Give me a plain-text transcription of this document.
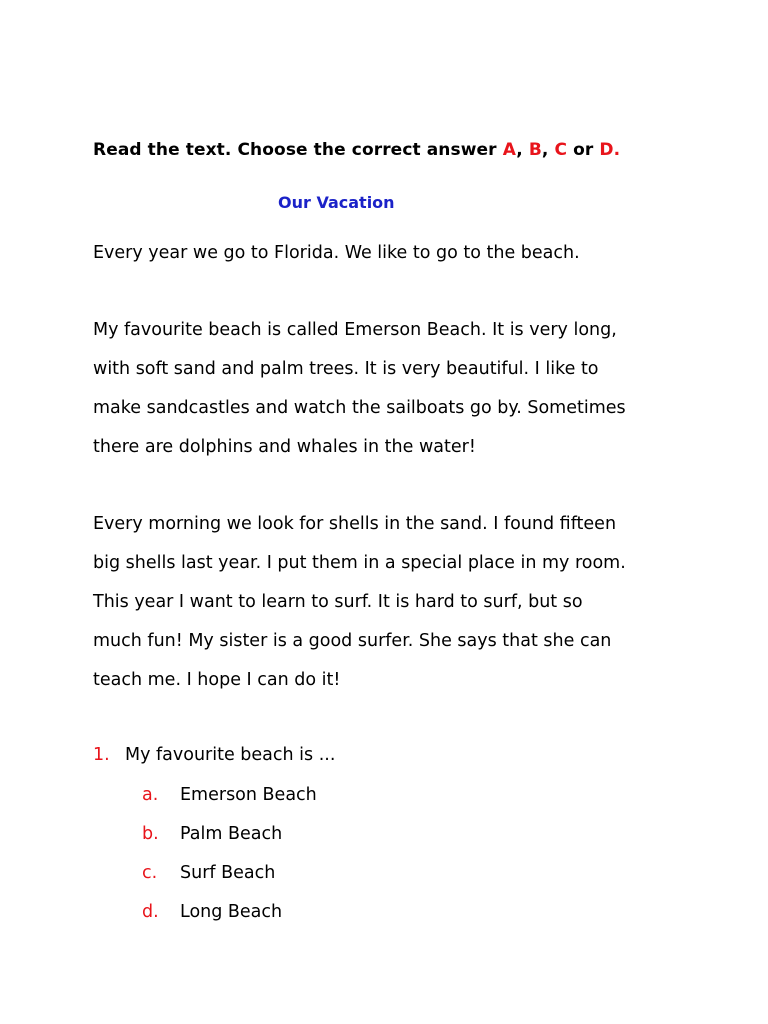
Read the text. Choose the correct answer A, B, C or D.
Our Vacation

Every year we go to Florida. We like to go to the beach.

My favourite beach is called Emerson Beach. It is very long,
with soft sand and palm trees. It is very beautiful. I like to
make sandcastles and watch the sailboats go by. Sometimes
there are dolphins and whales in the water!

Every morning we look for shells in the sand. I found fifteen
big shells last year. I put them in a special place in my room.
This year I want to learn to surf. It is hard to surf, but so
much fun! My sister is a good surfer. She says that she can
teach me. I hope I can do it!

1. My favourite beach is ...
a. Emerson Beach
b. Palm Beach
c. Surf Beach
d. Long Beach
